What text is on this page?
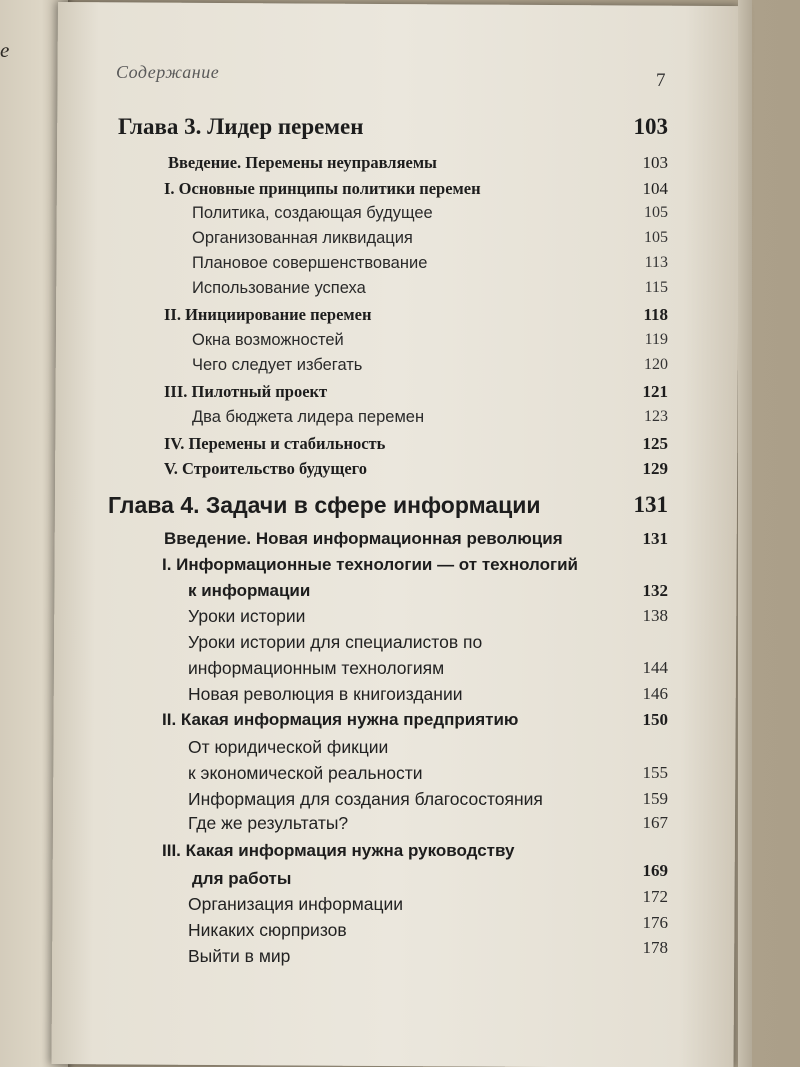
e
Содержание	7
Глава 3. Лидер перемен	103
Введение. Перемены неуправляемы	103
I. Основные принципы политики перемен	104
Политика, создающая будущее	105
Организованная ликвидация	105
Плановое совершенствование	113
Использование успеха	115
II. Инициирование перемен	118
Окна возможностей	119
Чего следует избегать	120
III. Пилотный проект	121
Два бюджета лидера перемен	123
IV. Перемены и стабильность	125
V. Строительство будущего	129
Глава 4. Задачи в сфере информации	131
Введение. Новая информационная революция	131
I. Информационные технологии — от технологий
к информации	132
Уроки истории	138
Уроки истории для специалистов по
информационным технологиям	144
Новая революция в книгоиздании	146
II. Какая информация нужна предприятию	150
От юридической фикции
к экономической реальности	155
Информация для создания благосостояния	159
Где же результаты?	167
III. Какая информация нужна руководству
для работы	169
Организация информации	172
Никаких сюрпризов	176
Выйти в мир	178
